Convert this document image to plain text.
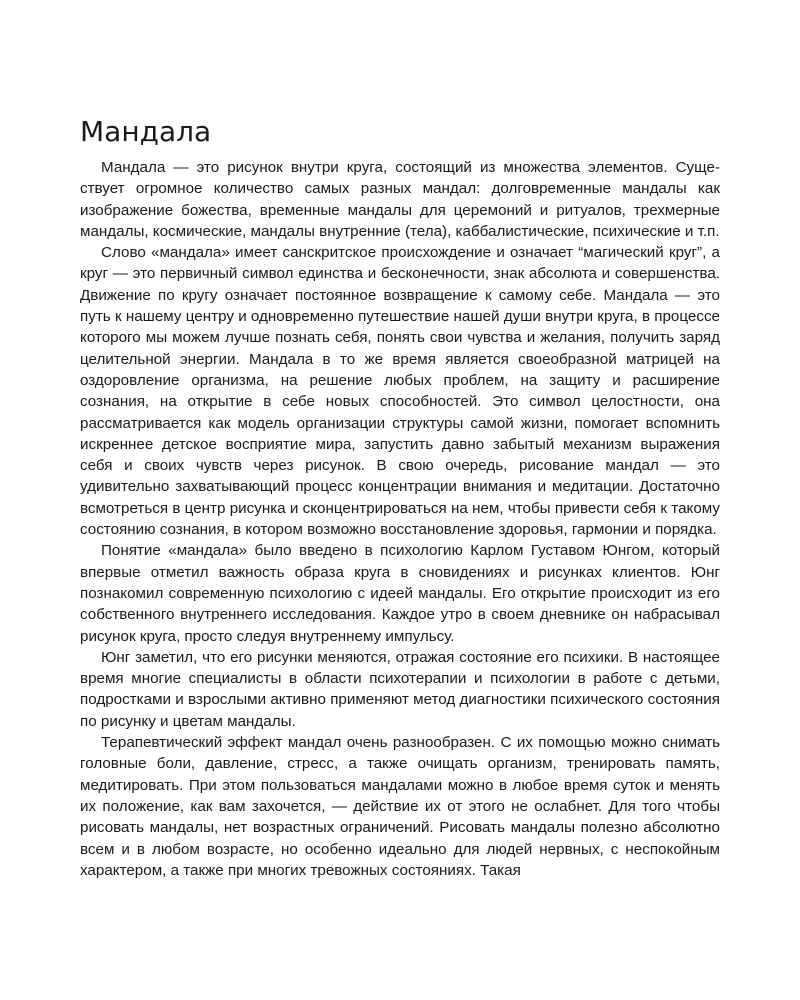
Мандала

Мандала — это рисунок внутри круга, состоящий из множества элементов. Существует огромное количество самых разных мандал: долговременные мандалы как изображение божества, временные мандалы для церемоний и ритуалов, трехмерные мандалы, космические, мандалы внутренние (тела), каббалистические, психические и т.п.

Слово «мандала» имеет санскритское происхождение и означает “магический круг”, а круг — это первичный символ единства и бесконечности, знак абсолюта и совершенства. Движение по кругу означает постоянное возвращение к самому себе. Мандала — это путь к нашему центру и одновременно путешествие нашей души внутри круга, в процессе которого мы можем лучше познать себя, понять свои чувства и желания, получить заряд целительной энергии. Мандала в то же время является своеобразной матрицей на оздоровление организма, на решение любых проблем, на защиту и расширение сознания, на открытие в себе новых способностей. Это символ целостности, она рассматривается как модель организации структуры самой жизни, помогает вспомнить искреннее детское восприятие мира, запустить давно забытый механизм выражения себя и своих чувств через рисунок. В свою очередь, рисование мандал — это удивительно захватывающий процесс концентрации внимания и медитации. Достаточно всмотреться в центр рисунка и сконцентрироваться на нем, чтобы привести себя к такому состоянию сознания, в котором возможно восстановление здоровья, гармонии и порядка.

Понятие «мандала» было введено в психологию Карлом Густавом Юнгом, который впервые отметил важность образа круга в сновидениях и рисунках клиентов. Юнг познакомил современную психологию с идеей мандалы. Его открытие происходит из его собственного внутреннего исследования. Каждое утро в своем дневнике он набрасывал рисунок круга, просто следуя внутреннему импульсу.

Юнг заметил, что его рисунки меняются, отражая состояние его психики. В настоящее время многие специалисты в области психотерапии и психологии в работе с детьми, подростками и взрослыми активно применяют метод диагностики психического состояния по рисунку и цветам мандалы.

Терапевтический эффект мандал очень разнообразен. С их помощью можно снимать головные боли, давление, стресс, а также очищать организм, тренировать память, медитировать. При этом пользоваться мандалами можно в любое время суток и менять их положение, как вам захочется, — действие их от этого не ослабнет. Для того чтобы рисовать мандалы, нет возрастных ограничений. Рисовать мандалы полезно абсолютно всем и в любом возрасте, но особенно идеально для людей нервных, с неспокойным характером, а также при многих тревожных состояниях. Такая
